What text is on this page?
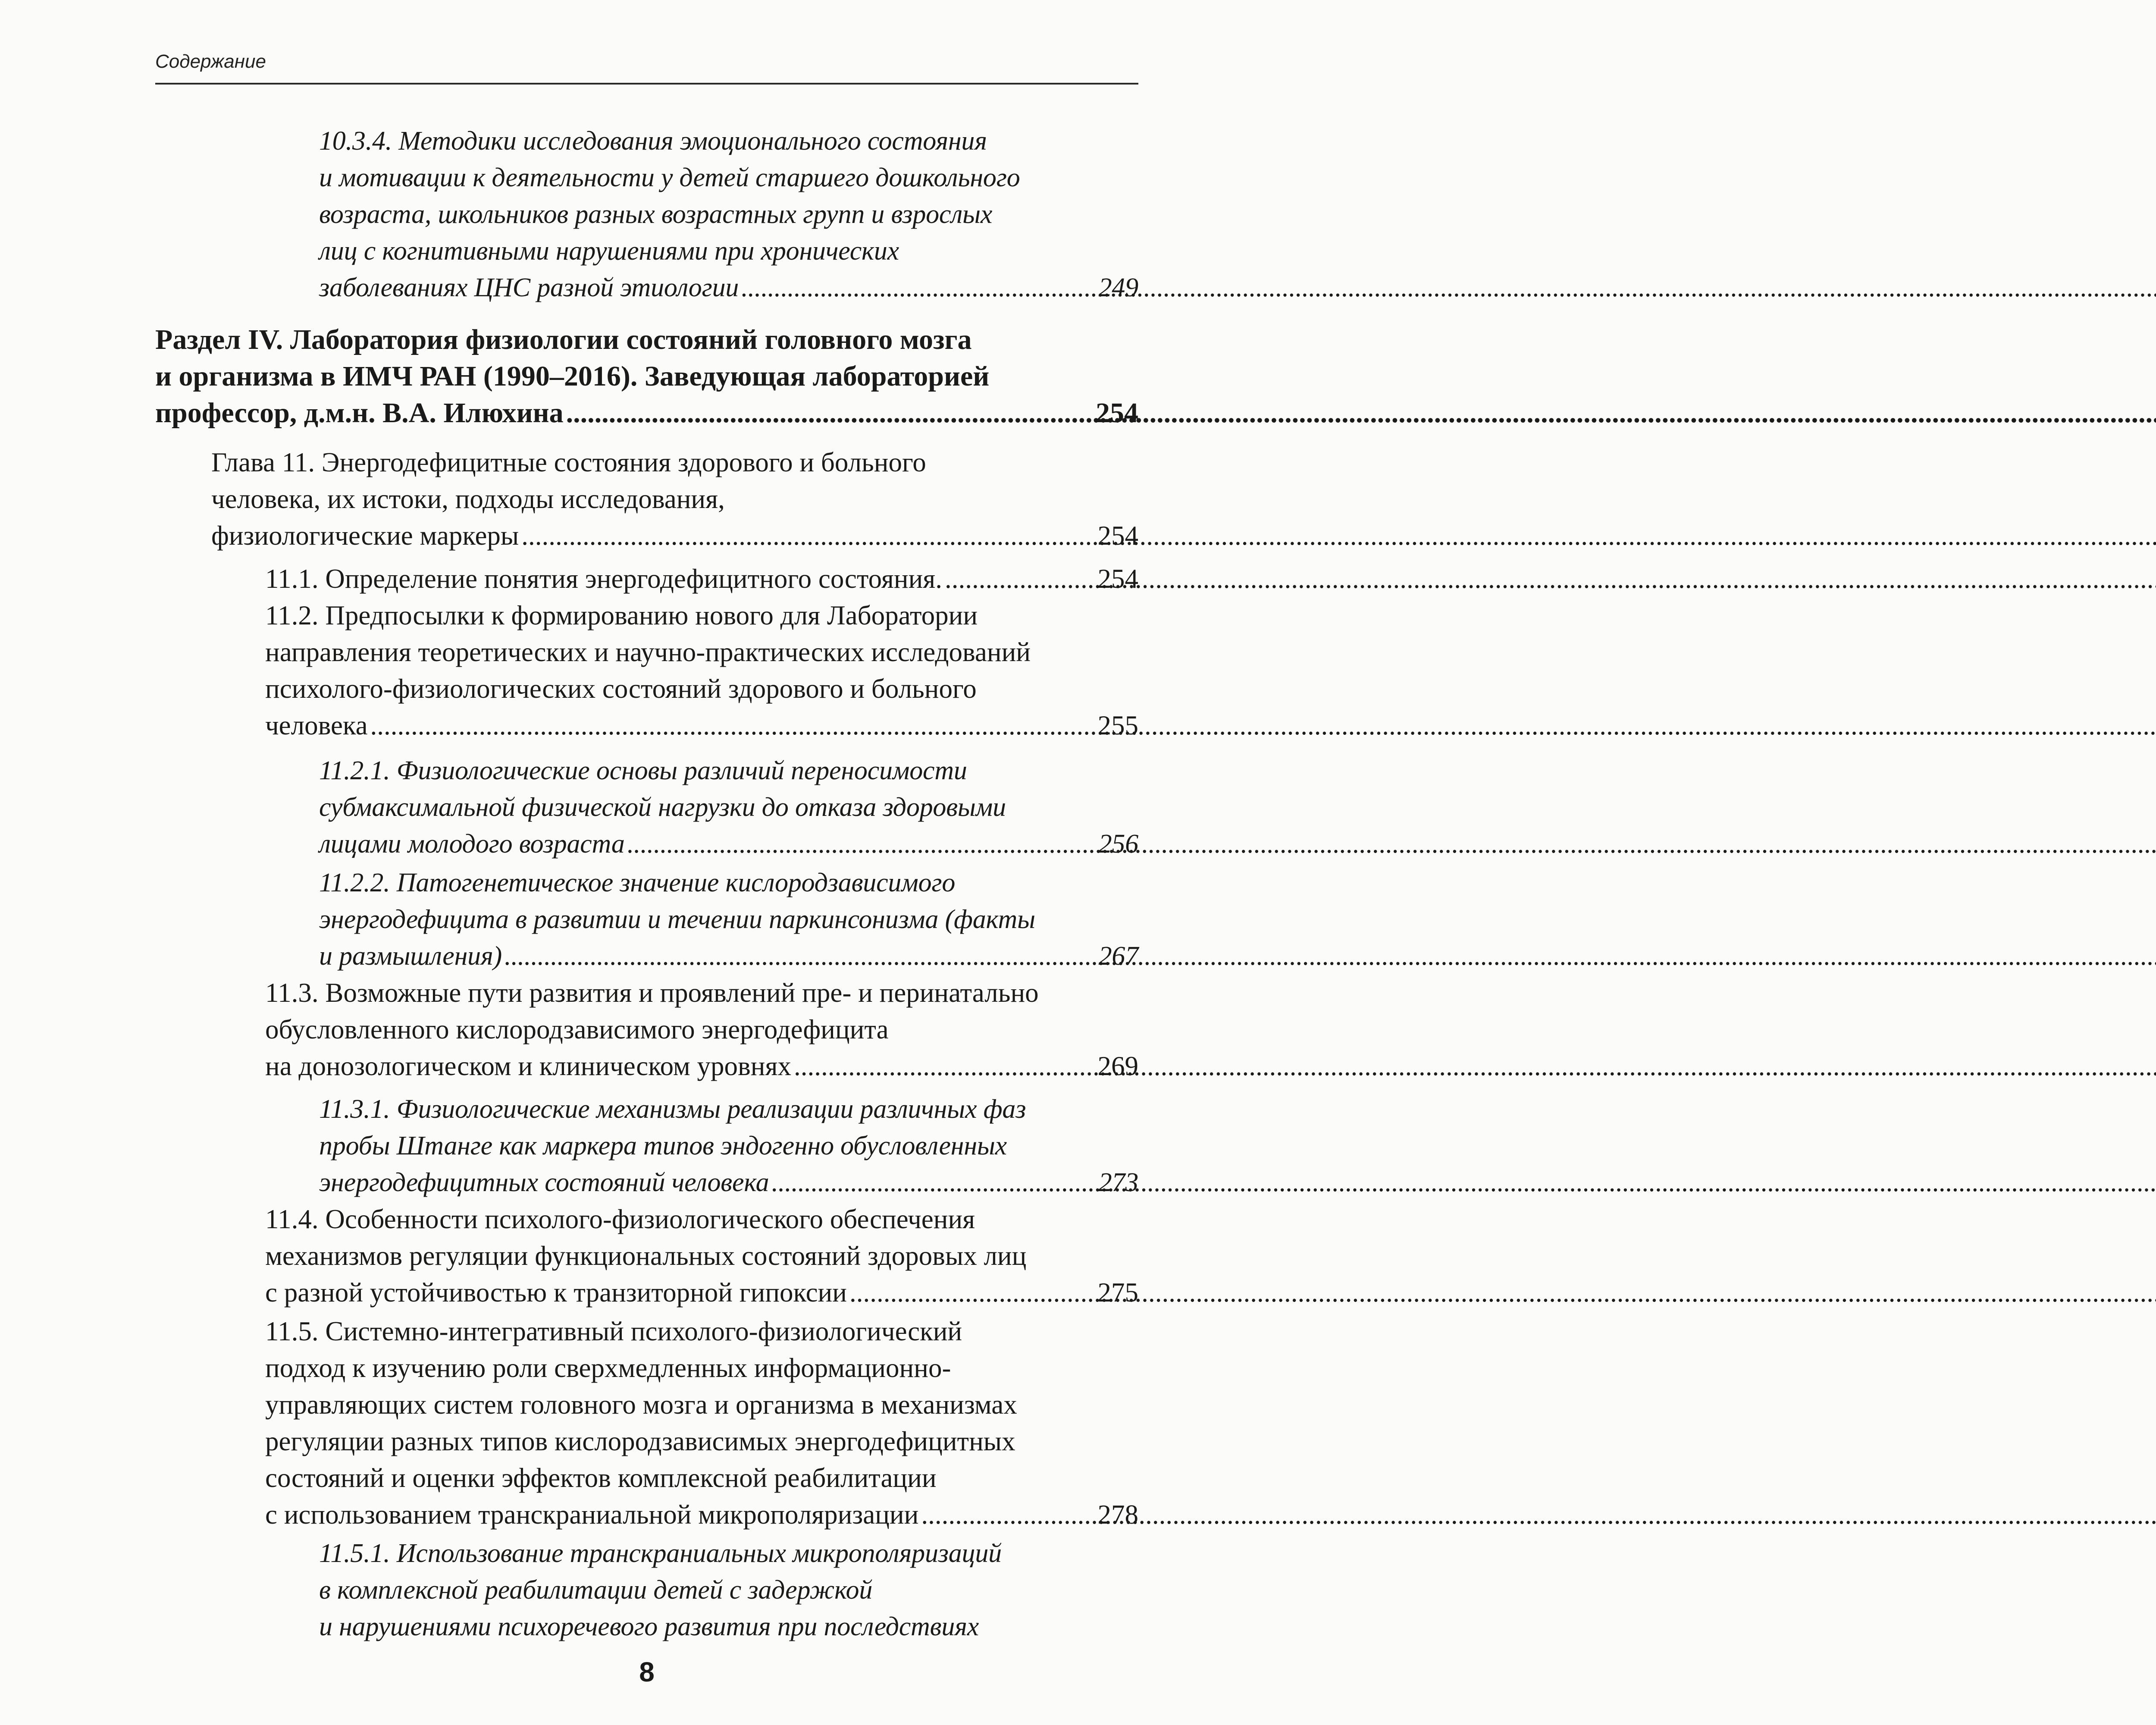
Содержание
10.3.4. Методики исследования эмоционального состояния
и мотивации к деятельности у детей старшего дошкольного
возраста, школьников разных возрастных групп и взрослых
лиц с когнитивными нарушениями при хронических
заболеваниях ЦНС разной этиологии .....	249
Раздел IV. Лаборатория физиологии состояний головного мозга
и организма в ИМЧ РАН (1990–2016). Заведующая лабораторией
профессор, д.м.н. В.А. Илюхина .....	254
Глава 11. Энергодефицитные состояния здорового и больного
человека, их истоки, подходы исследования,
физиологические маркеры .....	254
11.1. Определение понятия энергодефицитного состояния. .....	254
11.2. Предпосылки к формированию нового для Лаборатории
направления теоретических и научно-практических исследований
психолого-физиологических состояний здорового и больного
человека .....	255
11.2.1. Физиологические основы различий переносимости
субмаксимальной физической нагрузки до отказа здоровыми
лицами молодого возраста .....	256
11.2.2. Патогенетическое значение кислородзависимого
энергодефицита в развитии и течении паркинсонизма (факты
и размышления) .....	267
11.3. Возможные пути развития и проявлений пре- и перинатально
обусловленного кислородзависимого энергодефицита
на донозологическом и клиническом уровнях .....	269
11.3.1. Физиологические механизмы реализации различных фаз
пробы Штанге как маркера типов эндогенно обусловленных
энергодефицитных состояний человека .....	273
11.4. Особенности психолого-физиологического обеспечения
механизмов регуляции функциональных состояний здоровых лиц
с разной устойчивостью к транзиторной гипоксии .....	275
11.5. Системно-интегративный психолого-физиологический
подход к изучению роли сверхмедленных информационно-
управляющих систем головного мозга и организма в механизмах
регуляции разных типов кислородзависимых энергодефицитных
состояний и оценки эффектов комплексной реабилитации
с использованием транскраниальной микрополяризации .....	278
11.5.1. Использование транскраниальных микрополяризаций
в комплексной реабилитации детей с задержкой
и нарушениями психоречевого развития при последствиях
8
